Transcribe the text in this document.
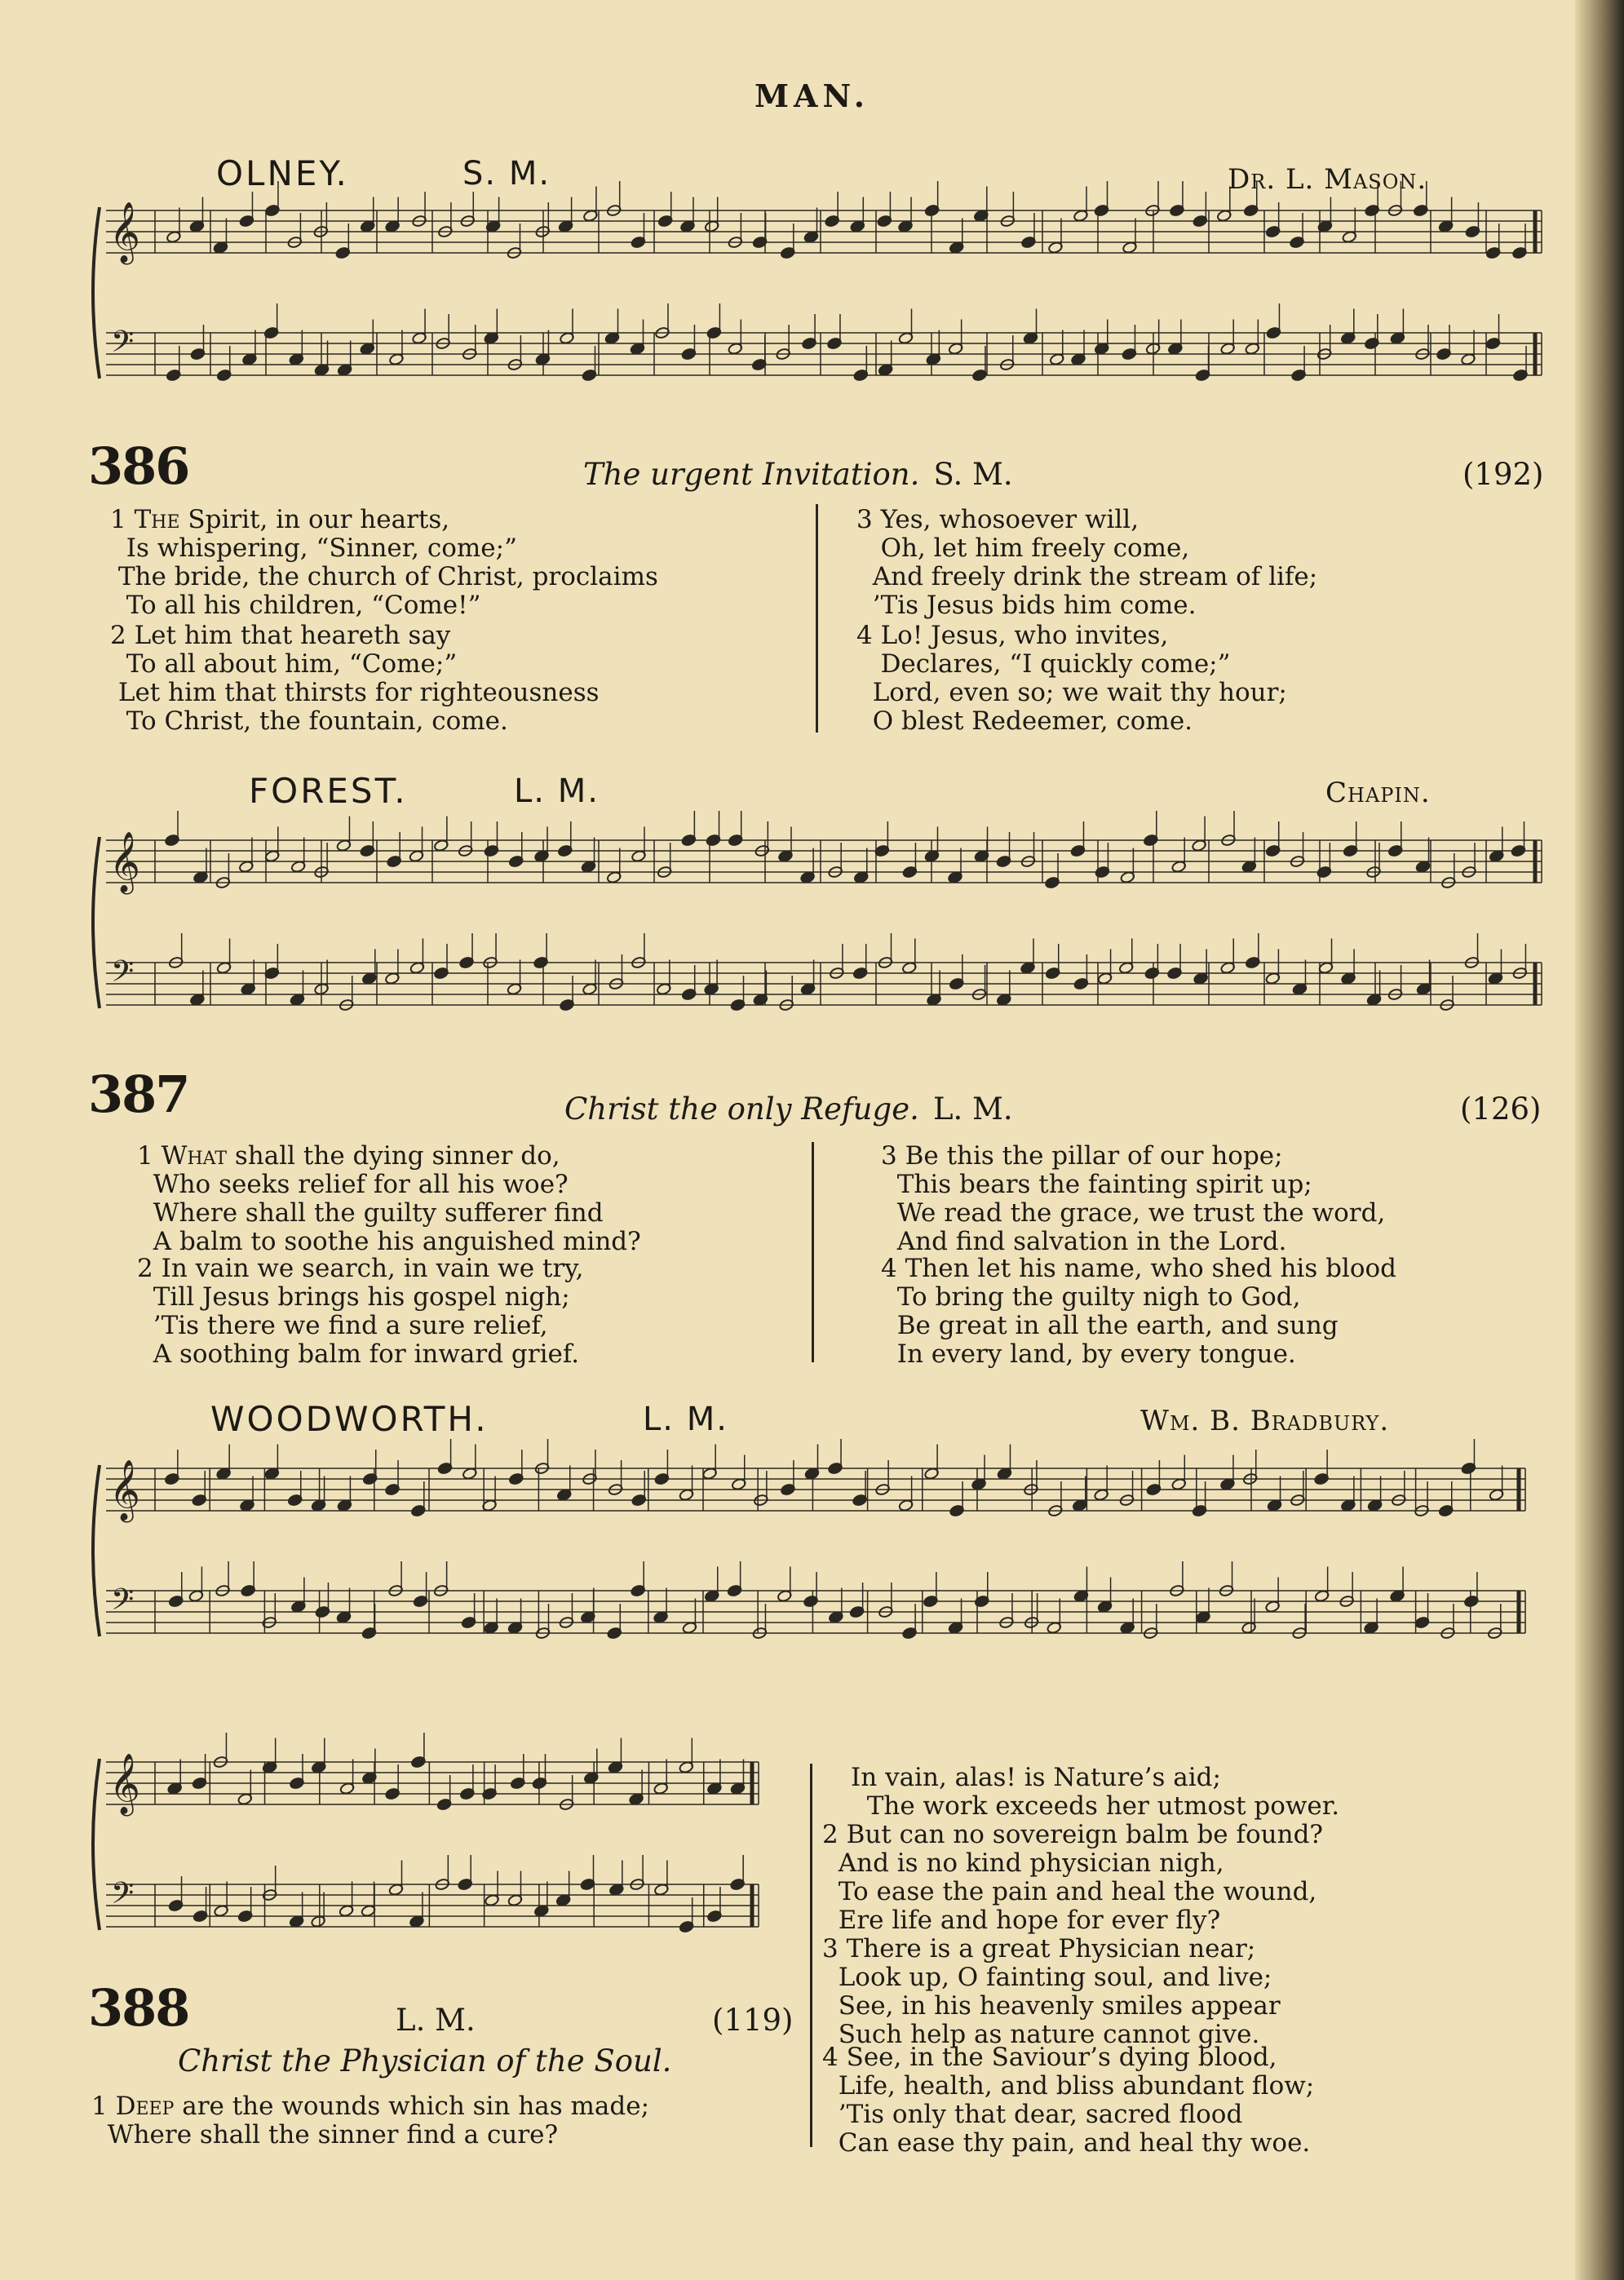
MAN.
OLNEY.	S. M.	Dr. L. Mason.
𝄞
𝄢
386	The urgent Invitation. S. M.	(192)
1 The Spirit, in our hearts,
Is whispering, “Sinner, come;”
The bride, the church of Christ, proclaims
To all his children, “Come!”
2 Let him that heareth say
To all about him, “Come;”
Let him that thirsts for righteousness
To Christ, the fountain, come.
3 Yes, whosoever will,
Oh, let him freely come,
And freely drink the stream of life;
’Tis Jesus bids him come.
4 Lo! Jesus, who invites,
Declares, “I quickly come;”
Lord, even so; we wait thy hour;
O blest Redeemer, come.
FOREST.	L. M.	Chapin.
𝄞
𝄢
387	Christ the only Refuge. L. M.	(126)
1 What shall the dying sinner do,
Who seeks relief for all his woe?
Where shall the guilty sufferer find
A balm to soothe his anguished mind?
2 In vain we search, in vain we try,
Till Jesus brings his gospel nigh;
’Tis there we find a sure relief,
A soothing balm for inward grief.
3 Be this the pillar of our hope;
This bears the fainting spirit up;
We read the grace, we trust the word,
And find salvation in the Lord.
4 Then let his name, who shed his blood
To bring the guilty nigh to God,
Be great in all the earth, and sung
In every land, by every tongue.
WOODWORTH.	L. M.	Wm. B. Bradbury.
𝄞
𝄢
𝄞
𝄢
388	L. M.	(119)
Christ the Physician of the Soul.
1 Deep are the wounds which sin has made;
Where shall the sinner find a cure?
In vain, alas! is Nature’s aid;
The work exceeds her utmost power.
2 But can no sovereign balm be found?
And is no kind physician nigh,
To ease the pain and heal the wound,
Ere life and hope for ever fly?
3 There is a great Physician near;
Look up, O fainting soul, and live;
See, in his heavenly smiles appear
Such help as nature cannot give.
4 See, in the Saviour’s dying blood,
Life, health, and bliss abundant flow;
’Tis only that dear, sacred flood
Can ease thy pain, and heal thy woe.
